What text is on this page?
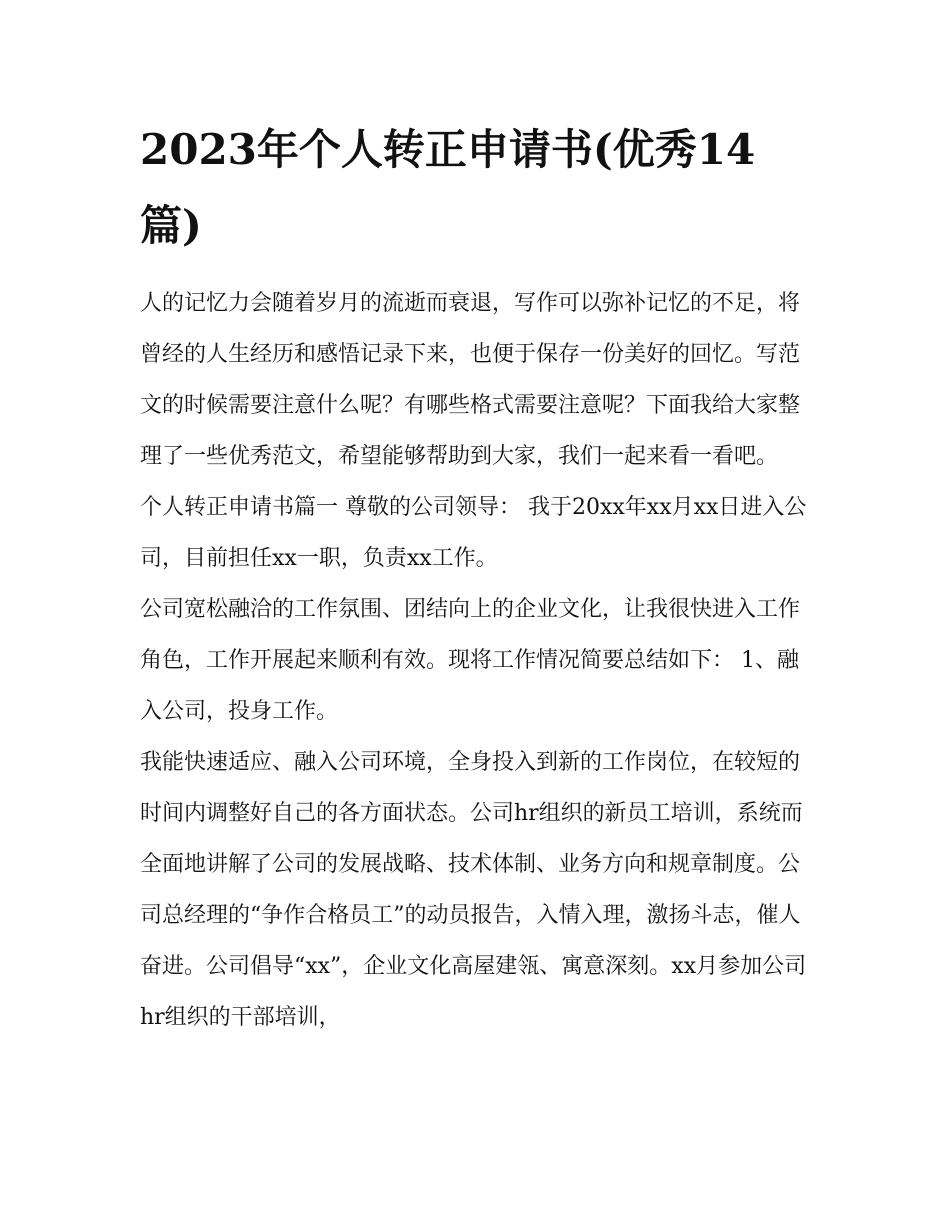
2023年个人转正申请书(优秀14篇)

人的记忆力会随着岁月的流逝而衰退，写作可以弥补记忆的不足，将曾经的人生经历和感悟记录下来，也便于保存一份美好的回忆。写范文的时候需要注意什么呢？有哪些格式需要注意呢？下面我给大家整理了一些优秀范文，希望能够帮助到大家，我们一起来看一看吧。

个人转正申请书篇一 尊敬的公司领导： 我于20xx年xx月xx日进入公司，目前担任xx一职，负责xx工作。

公司宽松融洽的工作氛围、团结向上的企业文化，让我很快进入工作角色，工作开展起来顺利有效。现将工作情况简要总结如下： 1、融入公司，投身工作。

我能快速适应、融入公司环境，全身投入到新的工作岗位，在较短的时间内调整好自己的各方面状态。公司hr组织的新员工培训，系统而全面地讲解了公司的发展战略、技术体制、业务方向和规章制度。公司总经理的“争作合格员工”的动员报告，入情入理，激扬斗志，催人奋进。公司倡导“xx”，企业文化高屋建瓴、寓意深刻。xx月参加公司hr组织的干部培训，
